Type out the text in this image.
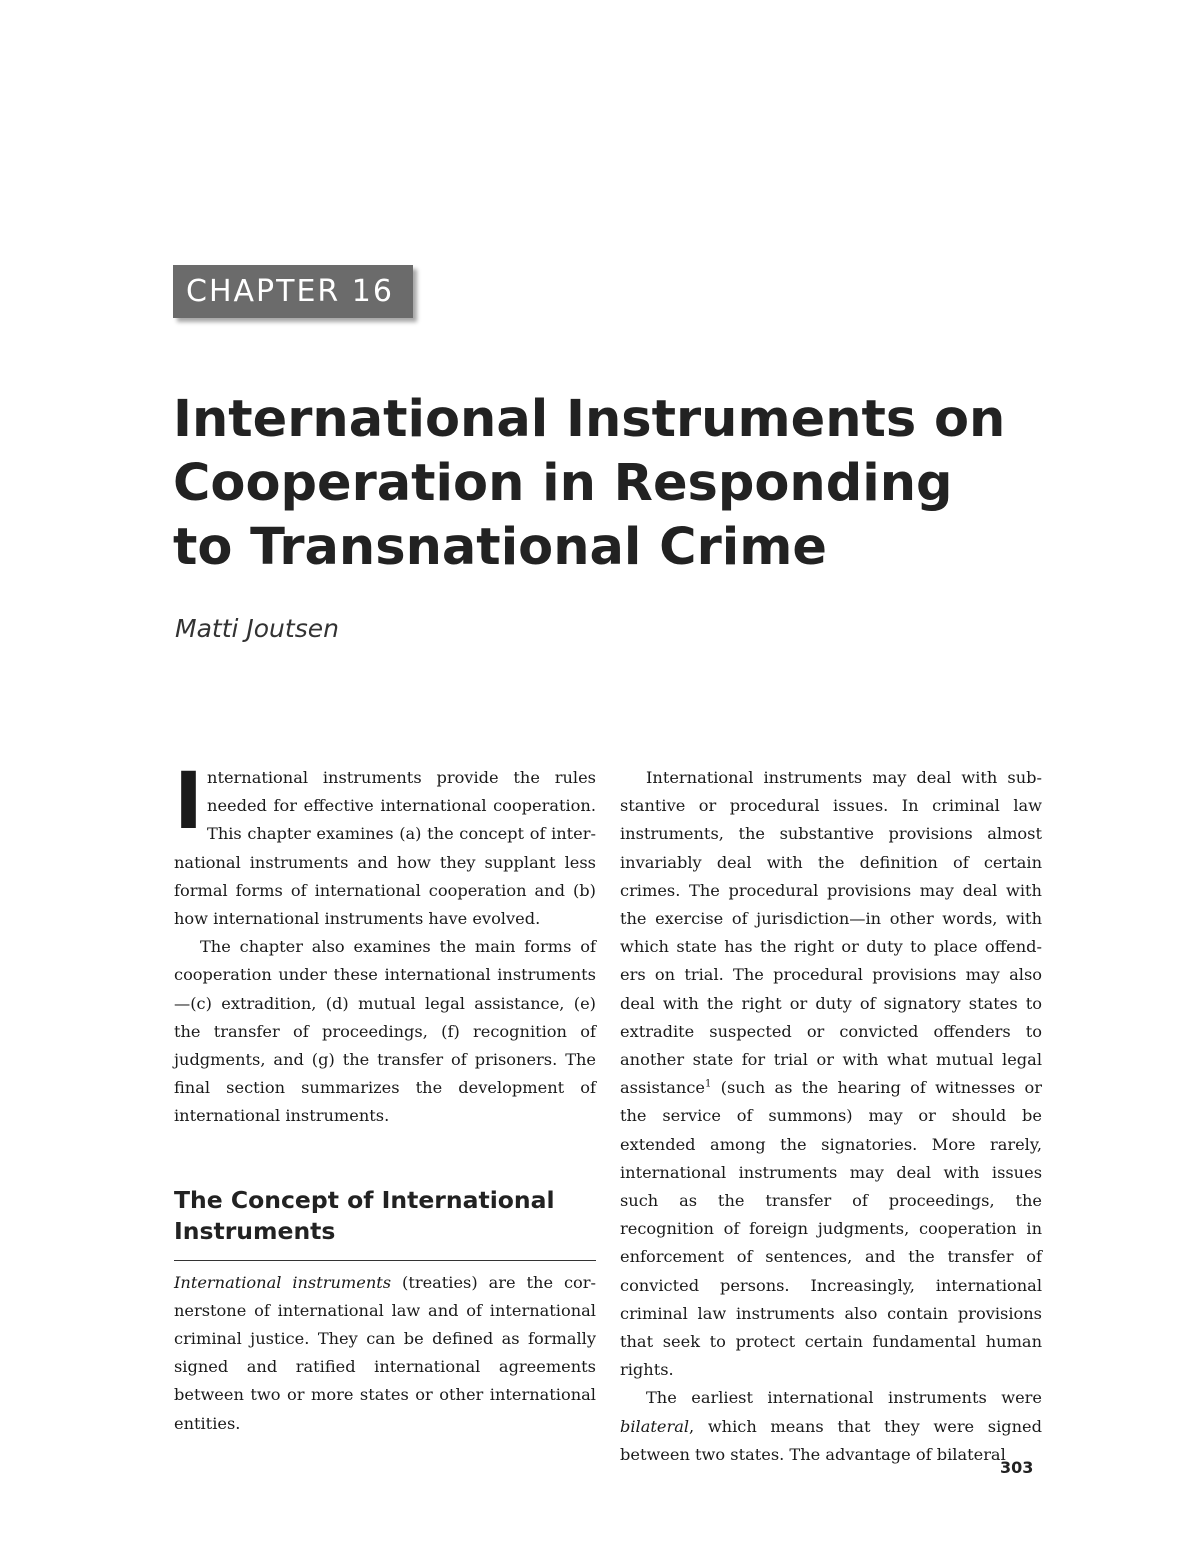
CHAPTER 16
International Instruments on
Cooperation in Responding
to Transnational Crime
Matti Joutsen

International instruments provide the rules needed for effective international cooperation. This chapter examines (a) the concept of international instruments and how they supplant less formal forms of international cooperation and (b) how international instruments have evolved.

The chapter also examines the main forms of cooperation under these international instruments—(c) extradition, (d) mutual legal assistance, (e) the transfer of proceedings, (f) recognition of judgments, and (g) the transfer of prisoners. The final section summarizes the development of international instruments.

The Concept of International Instruments

International instruments (treaties) are the cornerstone of international law and of international criminal justice. They can be defined as formally signed and ratified international agreements between two or more states or other international entities.

International instruments may deal with substantive or procedural issues. In criminal law instruments, the substantive provisions almost invariably deal with the definition of certain crimes. The procedural provisions may deal with the exercise of jurisdiction—in other words, with which state has the right or duty to place offenders on trial. The procedural provisions may also deal with the right or duty of signatory states to extradite suspected or convicted offenders to another state for trial or with what mutual legal assistance$^1$ (such as the hearing of witnesses or the service of summons) may or should be extended among the signatories. More rarely, international instruments may deal with issues such as the transfer of proceedings, the recognition of foreign judgments, cooperation in enforcement of sentences, and the transfer of convicted persons. Increasingly, international criminal law instruments also contain provisions that seek to protect certain fundamental human rights.

The earliest international instruments were bilateral, which means that they were signed between two states. The advantage of bilateral

303
